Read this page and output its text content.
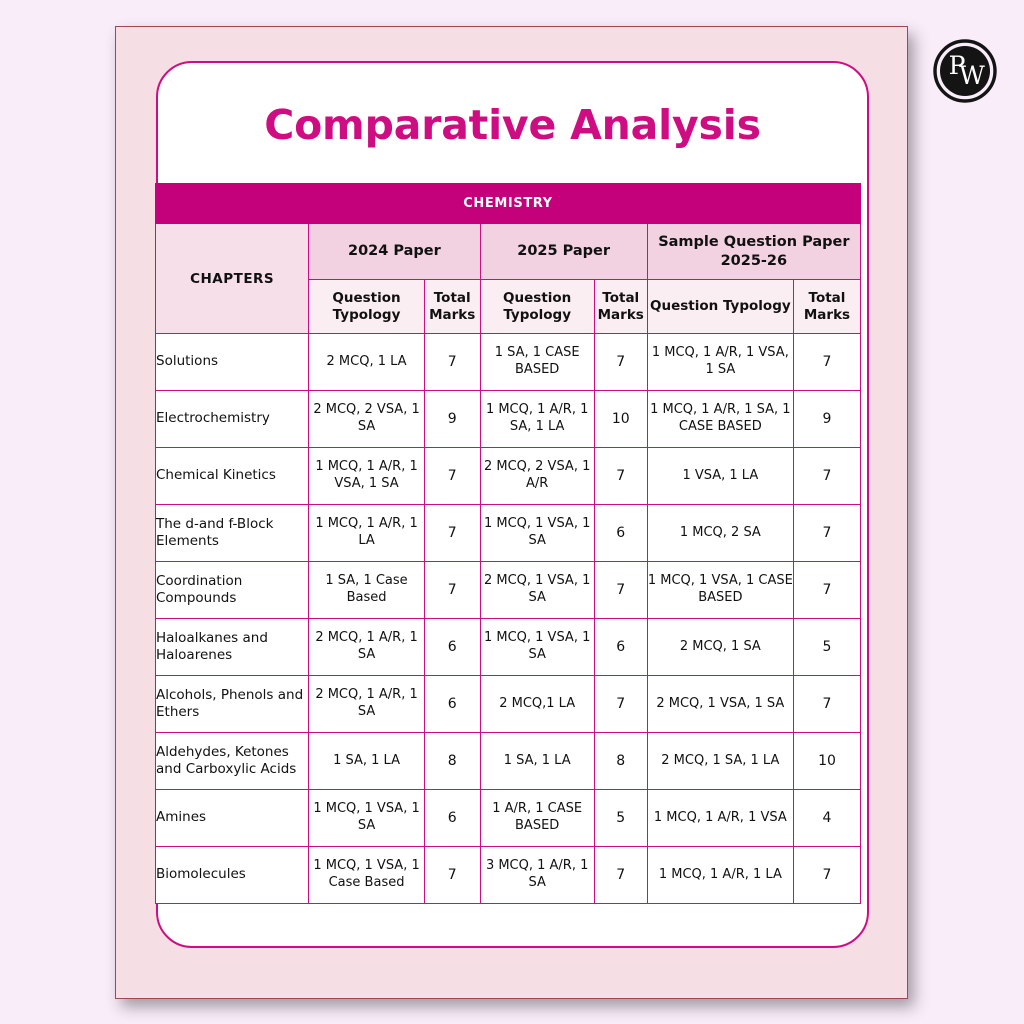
P
W
Comparative Analysis
CHEMISTRY						
CHAPTERS	2024 Paper		2025 Paper		Sample Question Paper 2025-26	
	Question Typology	Total Marks	Question Typology	Total Marks	Question Typology	Total Marks
Solutions	2 MCQ, 1 LA	7	1 SA, 1 CASE BASED	7	1 MCQ, 1 A/R, 1 VSA, 1 SA	7
Electrochemistry	2 MCQ, 2 VSA, 1 SA	9	1 MCQ, 1 A/R, 1 SA, 1 LA	10	1 MCQ, 1 A/R, 1 SA, 1 CASE BASED	9
Chemical Kinetics	1 MCQ, 1 A/R, 1 VSA, 1 SA	7	2 MCQ, 2 VSA, 1 A/R	7	1 VSA, 1 LA	7
The d-and f-Block Elements	1 MCQ, 1 A/R, 1 LA	7	1 MCQ, 1 VSA, 1 SA	6	1 MCQ, 2 SA	7
Coordination Compounds	1 SA, 1 Case Based	7	2 MCQ, 1 VSA, 1 SA	7	1 MCQ, 1 VSA, 1 CASE BASED	7
Haloalkanes and Haloarenes	2 MCQ, 1 A/R, 1 SA	6	1 MCQ, 1 VSA, 1 SA	6	2 MCQ, 1 SA	5
Alcohols, Phenols and Ethers	2 MCQ, 1 A/R, 1 SA	6	2 MCQ,1 LA	7	2 MCQ, 1 VSA, 1 SA	7
Aldehydes, Ketones and Carboxylic Acids	1 SA, 1 LA	8	1 SA, 1 LA	8	2 MCQ, 1 SA, 1 LA	10
Amines	1 MCQ, 1 VSA, 1 SA	6	1 A/R, 1 CASE BASED	5	1 MCQ, 1 A/R, 1 VSA	4
Biomolecules	1 MCQ, 1 VSA, 1 Case Based	7	3 MCQ, 1 A/R, 1 SA	7	1 MCQ, 1 A/R, 1 LA	7
